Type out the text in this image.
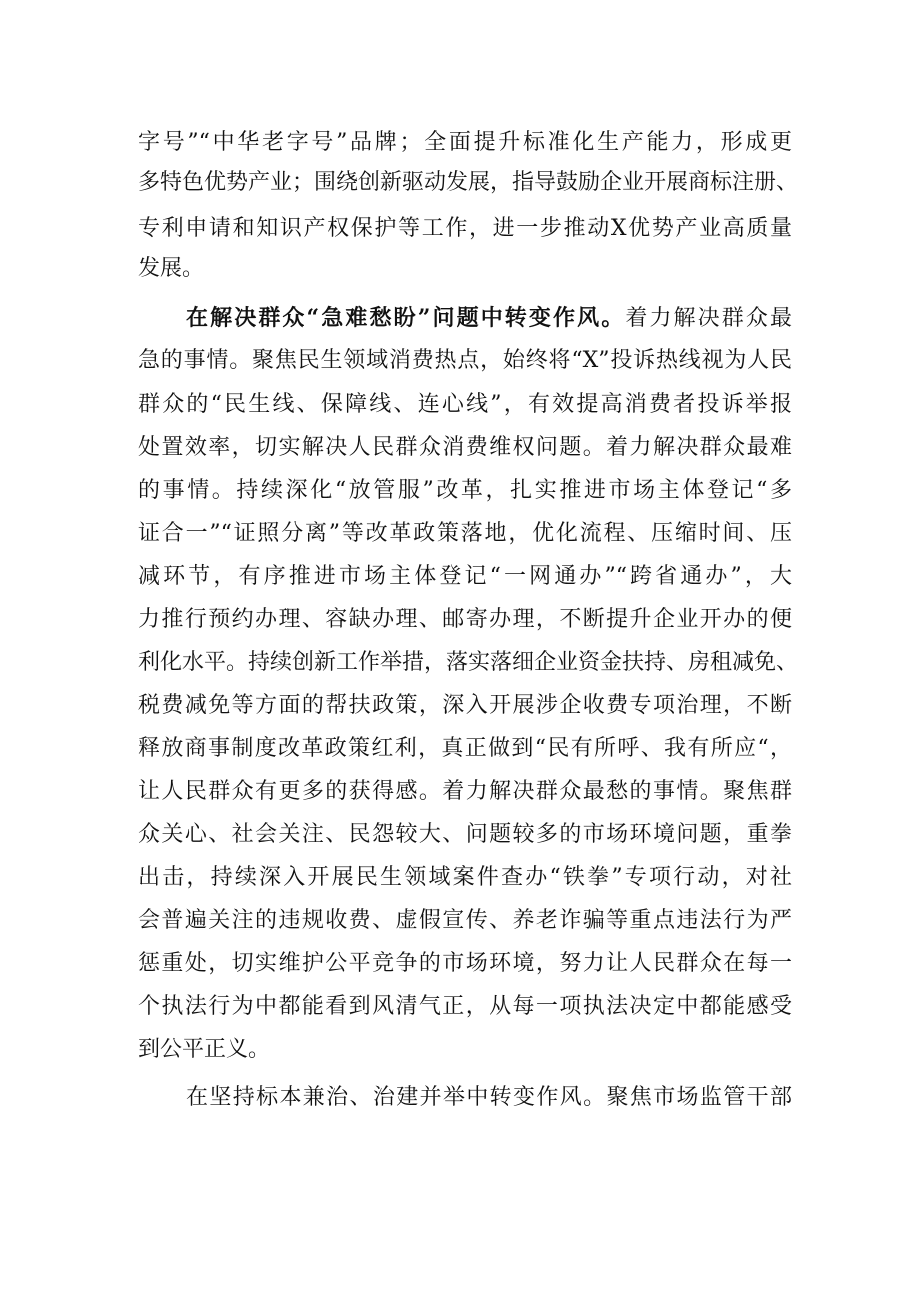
字号”“中华老字号”品牌；全面提升标准化生产能力，形成更
多特色优势产业；围绕创新驱动发展，指导鼓励企业开展商标注册、
专利申请和知识产权保护等工作，进一步推动X优势产业高质量
发展。
在解决群众“急难愁盼”问题中转变作风。着力解决群众最
急的事情。聚焦民生领域消费热点，始终将“X”投诉热线视为人民
群众的“民生线、保障线、连心线”，有效提高消费者投诉举报
处置效率，切实解决人民群众消费维权问题。着力解决群众最难
的事情。持续深化“放管服”改革，扎实推进市场主体登记“多
证合一”“证照分离”等改革政策落地，优化流程、压缩时间、压
减环节，有序推进市场主体登记“一网通办”“跨省通办”，大
力推行预约办理、容缺办理、邮寄办理，不断提升企业开办的便
利化水平。持续创新工作举措，落实落细企业资金扶持、房租减免、
税费减免等方面的帮扶政策，深入开展涉企收费专项治理，不断
释放商事制度改革政策红利，真正做到“民有所呼、我有所应“，
让人民群众有更多的获得感。着力解决群众最愁的事情。聚焦群
众关心、社会关注、民怨较大、问题较多的市场环境问题，重拳
出击，持续深入开展民生领域案件查办“铁拳”专项行动，对社
会普遍关注的违规收费、虚假宣传、养老诈骗等重点违法行为严
惩重处，切实维护公平竞争的市场环境，努力让人民群众在每一
个执法行为中都能看到风清气正，从每一项执法决定中都能感受
到公平正义。
在坚持标本兼治、治建并举中转变作风。聚焦市场监管干部
